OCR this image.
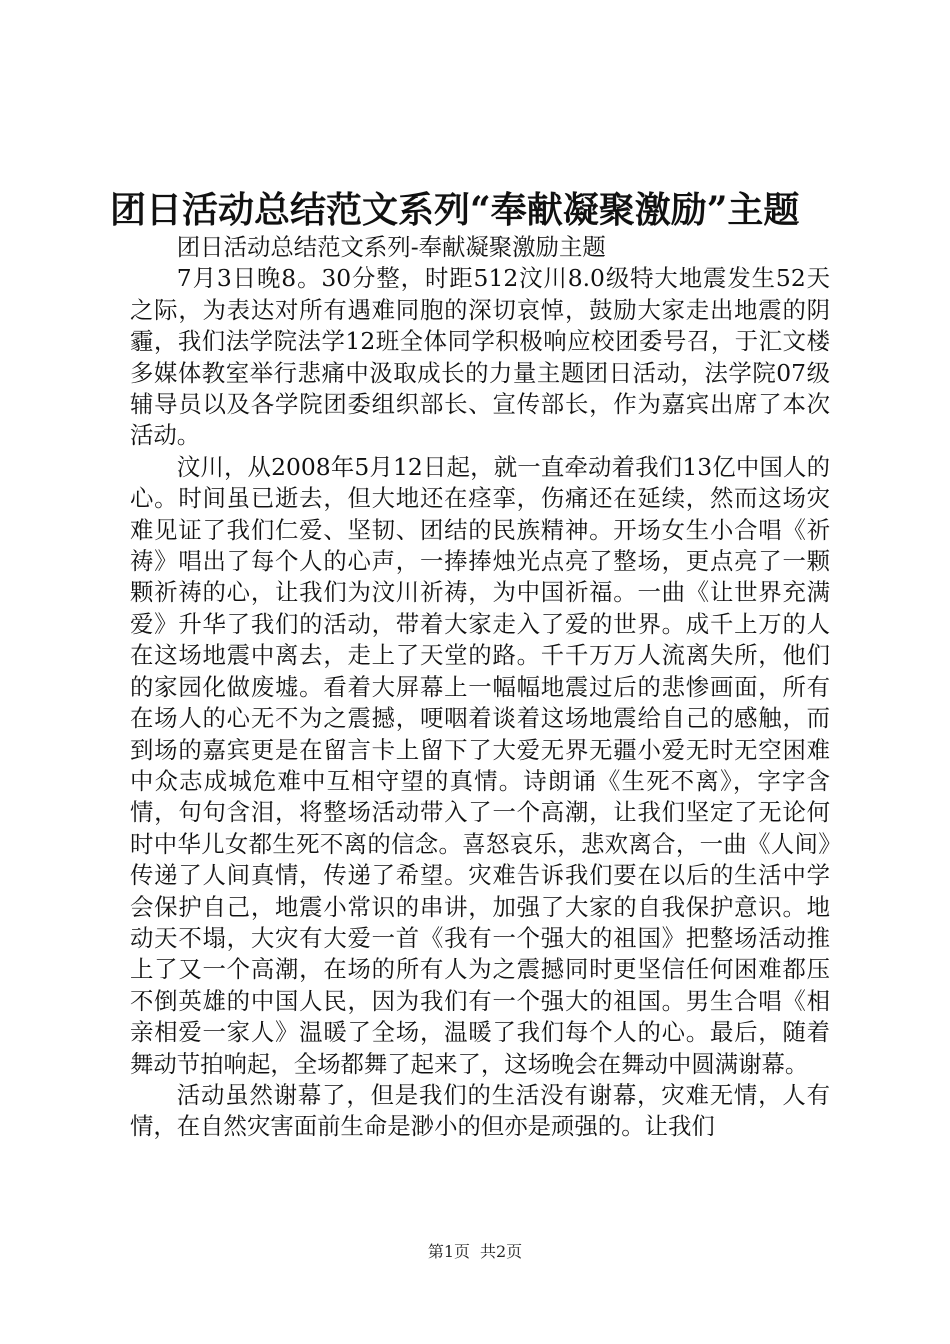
团日活动总结范文系列“奉献凝聚激励”主题

团日活动总结范文系列-奉献凝聚激励主题

7月3日晚8。30分整，时距512汶川8.0级特大地震发生52天之际，为表达对所有遇难同胞的深切哀悼，鼓励大家走出地震的阴霾，我们法学院法学12班全体同学积极响应校团委号召，于汇文楼多媒体教室举行悲痛中汲取成长的力量主题团日活动，法学院07级辅导员以及各学院团委组织部长、宣传部长，作为嘉宾出席了本次活动。

汶川，从2008年5月12日起，就一直牵动着我们13亿中国人的心。时间虽已逝去，但大地还在痉挛，伤痛还在延续，然而这场灾难见证了我们仁爱、坚韧、团结的民族精神。开场女生小合唱《祈祷》唱出了每个人的心声，一捧捧烛光点亮了整场，更点亮了一颗颗祈祷的心，让我们为汶川祈祷，为中国祈福。一曲《让世界充满爱》升华了我们的活动，带着大家走入了爱的世界。成千上万的人在这场地震中离去，走上了天堂的路。千千万万人流离失所，他们的家园化做废墟。看着大屏幕上一幅幅地震过后的悲惨画面，所有在场人的心无不为之震撼，哽咽着谈着这场地震给自己的感触，而到场的嘉宾更是在留言卡上留下了大爱无界无疆小爱无时无空困难中众志成城危难中互相守望的真情。诗朗诵《生死不离》，字字含情，句句含泪，将整场活动带入了一个高潮，让我们坚定了无论何时中华儿女都生死不离的信念。喜怒哀乐，悲欢离合，一曲《人间》传递了人间真情，传递了希望。灾难告诉我们要在以后的生活中学会保护自己，地震小常识的串讲，加强了大家的自我保护意识。地动天不塌，大灾有大爱一首《我有一个强大的祖国》把整场活动推上了又一个高潮，在场的所有人为之震撼同时更坚信任何困难都压不倒英雄的中国人民，因为我们有一个强大的祖国。男生合唱《相亲相爱一家人》温暖了全场，温暖了我们每个人的心。最后，随着舞动节拍响起，全场都舞了起来了，这场晚会在舞动中圆满谢幕。

活动虽然谢幕了，但是我们的生活没有谢幕，灾难无情，人有情，在自然灾害面前生命是渺小的但亦是顽强的。让我们

第1页 共2页
